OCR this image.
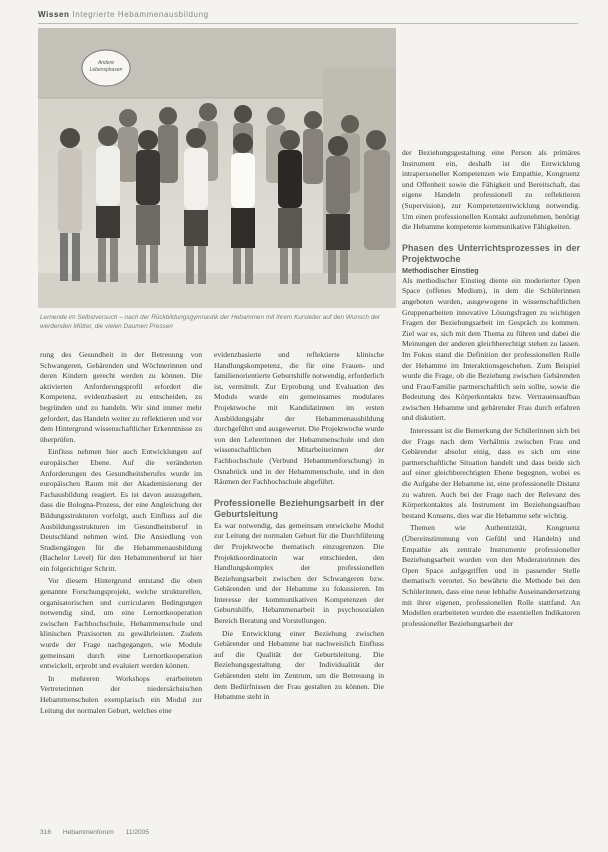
Wissen Integrierte Hebammenausbildung
Andere
Lebensphasen
Lernende im Selbstversuch – nach der Rückbildungsgymnastik der Hebammen mit ihrem Kursleiter auf den Wunsch der werdenden Mütter, die vielen Daumen Pressen

rung des Gesundheit in der Betreuung von Schwangeren, Gebärenden und Wöchnerinnen und deren Kindern gerecht werden zu können. Die aktivierten Anforderungsprofil erfordert die Kompetenz, evidenzbasiert zu entscheiden, zu begründen und zu handeln. Wir sind immer mehr gefordert, das Handeln weiter zu reflektieren und vor dem Hintergrund wissenschaftlicher Erkenntnisse zu überprüfen.

Einfluss nehmen hier auch Entwicklungen auf europäischer Ebene. Auf die veränderten Anforderungen des Gesundheitsberufes wurde im europäischen Raum mit der Akademisierung der Fachausbildung reagiert. Es ist davon auszugehen, dass die Bologna-Prozess, der eine Angleichung der Bildungsstrukturen vorfolgt, auch Einfluss auf die Ausbildungsstrukturen im Gesundheitsberuf in Deutschland nehmen wird. Die Ansiedlung von Studiengängen für die Hebammenausbildung (Bachelor Level) für den Hebammenberuf ist hier ein folgerichtiger Schritt.

Vor diesem Hintergrund entstand die oben genannte Forschungsprojekt, welche strukturellen, organisatorischen und curricularen Bedingungen notwendig sind, um eine Lernortkooperation zwischen Fachhochschule, Hebammenschule und klinischen Praxisorten zu gewährleisten. Zudem wurde der Frage nachgegangen, wie Module gemeinsam durch eine Lernortkooperation entwickelt, erprobt und evaluiert werden können.

In mehreren Workshops erarbeiteten Vertreterinnen der niedersächsischen Hebammenschulen exemplarisch ein Modul zur Leitung der normalen Geburt, welches eine

evidenzbasierte und reflektierte klinische Handlungskompetenz, die für eine Frauen- und familienorientierte Geburtshilfe notwendig, erforderlich ist, vermittelt. Zur Erprobung und Evaluation des Moduls wurde ein gemeinsames modulares Projektwoche mit Kandidatinnen im ersten Ausbildungsjahr der Hebammenausbildung durchgeführt und ausgewertet. Die Projektwoche wurde von den Lehrerinnen der Hebammenschule und den wissenschaftlichen Mitarbeiterinnen der Fachhochschule (Verbund Hebammenforschung) in Osnabrück und in der Hebammenschule, und in den Räumen der Fachhochschule abgeführt.

Professionelle Beziehungsarbeit in der Geburtsleitung

Es war notwendig, das gemeinsam entwickelte Modul zur Leitung der normalen Geburt für die Durchführung der Projektwoche thematisch einzugrenzen. Die Projektkoordinatorin war entschieden, den Handlungskomplex der professionellen Beziehungsarbeit zwischen der Schwangeren bzw. Gebärenden und der Hebamme zu fokussieren. Im Interesse der kommunikativen Kompetenzen der Geburtshilfe, Hebammenarbeit in psychosozialen Bereich Beratung und Vorstellungen.

Die Entwicklung einer Beziehung zwischen Gebärender und Hebamme hat nachweislich Einfluss auf die Qualität der Geburtsleitung. Die Beziehungsgestaltung der Individualität der Gebärenden steht im Zentrum, um die Betreuung in dem Bedürfnissen der Frau gestalten zu können. Die Hebamme steht in

der Beziehungsgestaltung eine Person als primäres Instrument ein, deshalb ist die Entwicklung intrapersoneller Kompetenzen wie Empathie, Kongruenz und Offenheit sowie die Fähigkeit und Bereitschaft, das eigene Handeln professionell zu reflektieren (Supervision), zur Kompetenzentwicklung notwendig. Um einen professionellen Kontakt aufzunehmen, benötigt die Hebamme kompetente kommunikative Fähigkeiten.

Phasen des Unterrichtsprozesses in der Projektwoche
Methodischer Einstieg

Als methodischer Einstieg diente ein moderierter Open Space (offenes Medium), in dem die Schülerinnen angeboten wurden, ausgewogene in wissenschaftlichen Gruppenarbeiten innovative Lösungsfragen zu wichtigen Fragen der Beziehungsarbeit im Gespräch zu kommen. Ziel war es, sich mit dem Thema zu führen und dabei die Meinungen der anderen gleichberechtigt stehen zu lassen. Im Fokus stand die Definition der professionellen Rolle der Hebamme im Interaktionsgeschehen. Zum Beispiel wurde die Frage, ob die Beziehung zwischen Gebärenden und Frau/Familie partnerschaftlich sein sollte, sowie die Bedeutung des Körperkontakts bzw. Vertrauensaufbau zwischen Hebamme und gebärender Frau durch erfahren und diskutiert.

Interessant ist die Bemerkung der Schülerinnen sich bei der Frage nach dem Verhältnis zwischen Frau und Gebärender absolut einig, dass es sich um eine partnerschaftliche Situation handelt und dass beide sich auf einer gleichberechtigten Ebene begegnen, wobei es die Aufgabe der Hebamme ist, eine professionelle Distanz zu wahren. Auch bei der Frage nach der Relevanz des Körperkontaktes als Instrument im Beziehungsaufbau bestand Konsens, dies war die Hebamme sehr wichtig.

Themen wie Authentizität, Kongruenz (Übereinstimmung von Gefühl und Handeln) und Empathie als zentrale Instrumente professioneller Beziehungsarbeit wurden von den Moderatorinnen des Open Space aufgegriffen und in passender Stelle thematisch verortet. So bewährte die Methode bei den Schülerinnen, dass eine neue lebhafte Auseinandersetzung mit ihrer eigenen, professionellen Rolle stattfand. An Modellen erarbeiteten wurden die essentiellen Indikatoren professioneller Beziehungsarbeit der

316 Hebammenforum 11/2005
